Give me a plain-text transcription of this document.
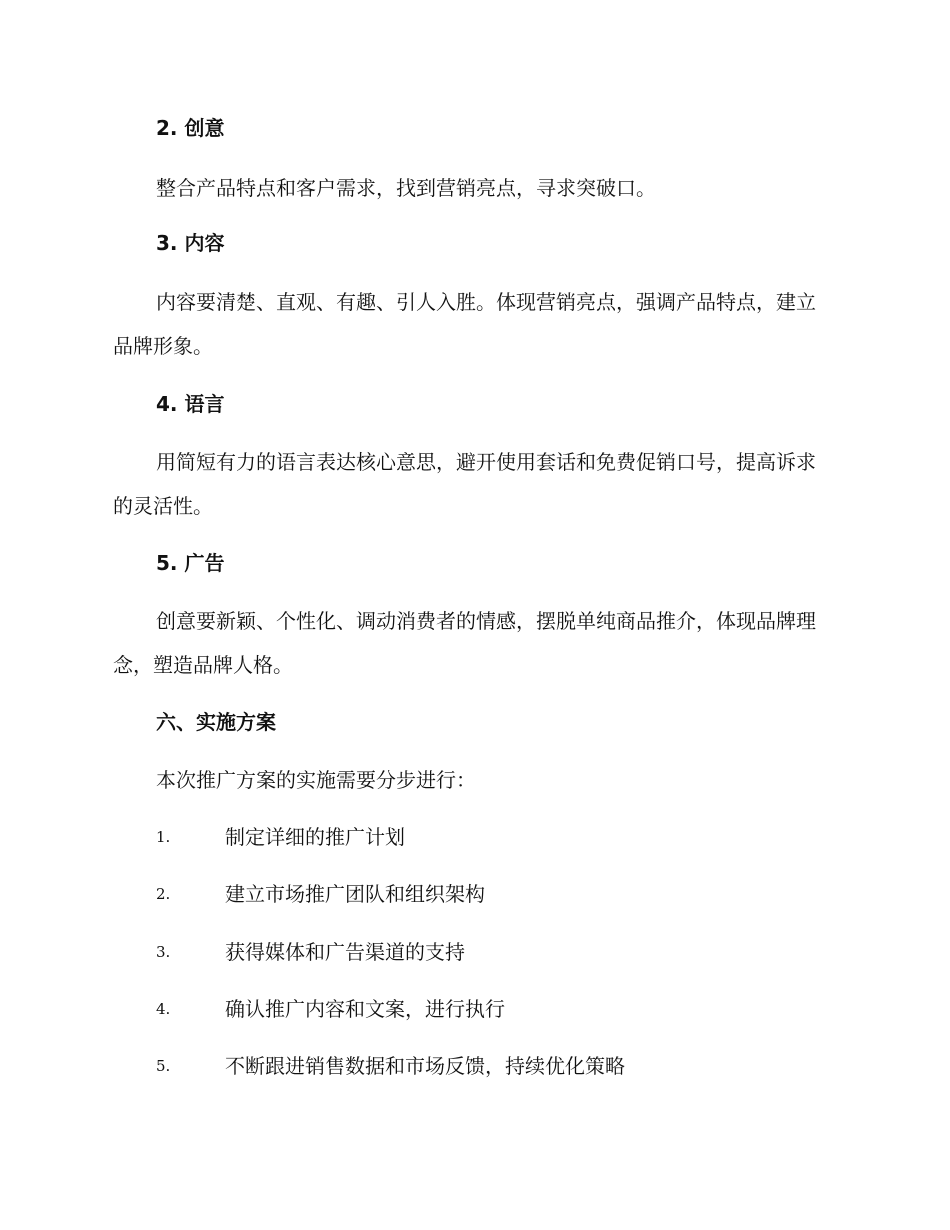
2. 创意
整合产品特点和客户需求，找到营销亮点，寻求突破口。
3. 内容
内容要清楚、直观、有趣、引人入胜。体现营销亮点，强调产品特点，建立品牌形象。
4. 语言
用简短有力的语言表达核心意思，避开使用套话和免费促销口号，提高诉求的灵活性。
5. 广告
创意要新颖、个性化、调动消费者的情感，摆脱单纯商品推介，体现品牌理念，塑造品牌人格。
六、实施方案
本次推广方案的实施需要分步进行：
1.	制定详细的推广计划
2.	建立市场推广团队和组织架构
3.	获得媒体和广告渠道的支持
4.	确认推广内容和文案，进行执行
5.	不断跟进销售数据和市场反馈，持续优化策略
